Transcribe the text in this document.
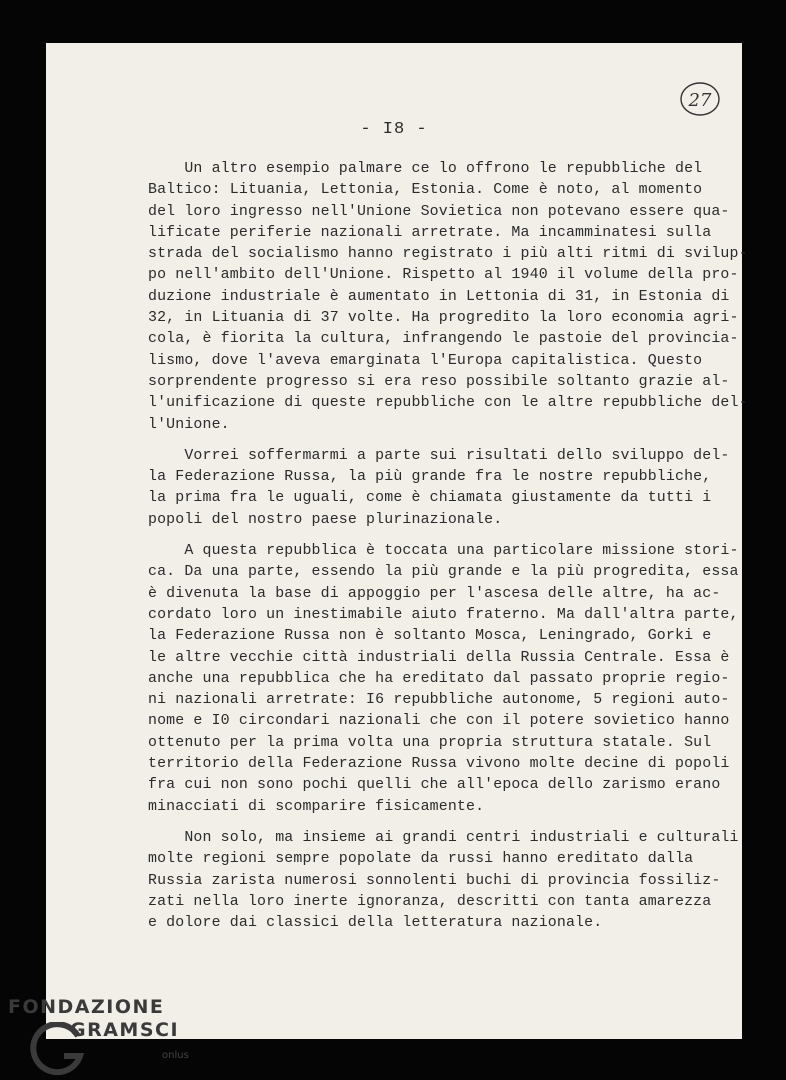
27
- I8 -
Un altro esempio palmare ce lo offrono le repubbliche del
Baltico: Lituania, Lettonia, Estonia. Come è noto, al momento
del loro ingresso nell'Unione Sovietica non potevano essere qua-
lificate periferie nazionali arretrate. Ma incamminatesi sulla
strada del socialismo hanno registrato i più alti ritmi di svilup-
po nell'ambito dell'Unione. Rispetto al 1940 il volume della pro-
duzione industriale è aumentato in Lettonia di 31, in Estonia di
32, in Lituania di 37 volte. Ha progredito la loro economia agri-
cola, è fiorita la cultura, infrangendo le pastoie del provincia-
lismo, dove l'aveva emarginata l'Europa capitalistica. Questo
sorprendente progresso si era reso possibile soltanto grazie al-
l'unificazione di queste repubbliche con le altre repubbliche del-
l'Unione.
Vorrei soffermarmi a parte sui risultati dello sviluppo del-
la Federazione Russa, la più grande fra le nostre repubbliche,
la prima fra le uguali, come è chiamata giustamente da tutti i
popoli del nostro paese plurinazionale.
A questa repubblica è toccata una particolare missione stori-
ca. Da una parte, essendo la più grande e la più progredita, essa
è divenuta la base di appoggio per l'ascesa delle altre, ha ac-
cordato loro un inestimabile aiuto fraterno. Ma dall'altra parte,
la Federazione Russa non è soltanto Mosca, Leningrado, Gorki e
le altre vecchie città industriali della Russia Centrale. Essa è
anche una repubblica che ha ereditato dal passato proprie regio-
ni nazionali arretrate: I6 repubbliche autonome, 5 regioni auto-
nome e I0 circondari nazionali che con il potere sovietico hanno
ottenuto per la prima volta una propria struttura statale. Sul
territorio della Federazione Russa vivono molte decine di popoli
fra cui non sono pochi quelli che all'epoca dello zarismo erano
minacciati di scomparire fisicamente.
Non solo, ma insieme ai grandi centri industriali e culturali
molte regioni sempre popolate da russi hanno ereditato dalla
Russia zarista numerosi sonnolenti buchi di provincia fossiliz-
zati nella loro inerte ignoranza, descritti con tanta amarezza
e dolore dai classici della letteratura nazionale.
FONDAZIONE
GRAMSCI
onlus
